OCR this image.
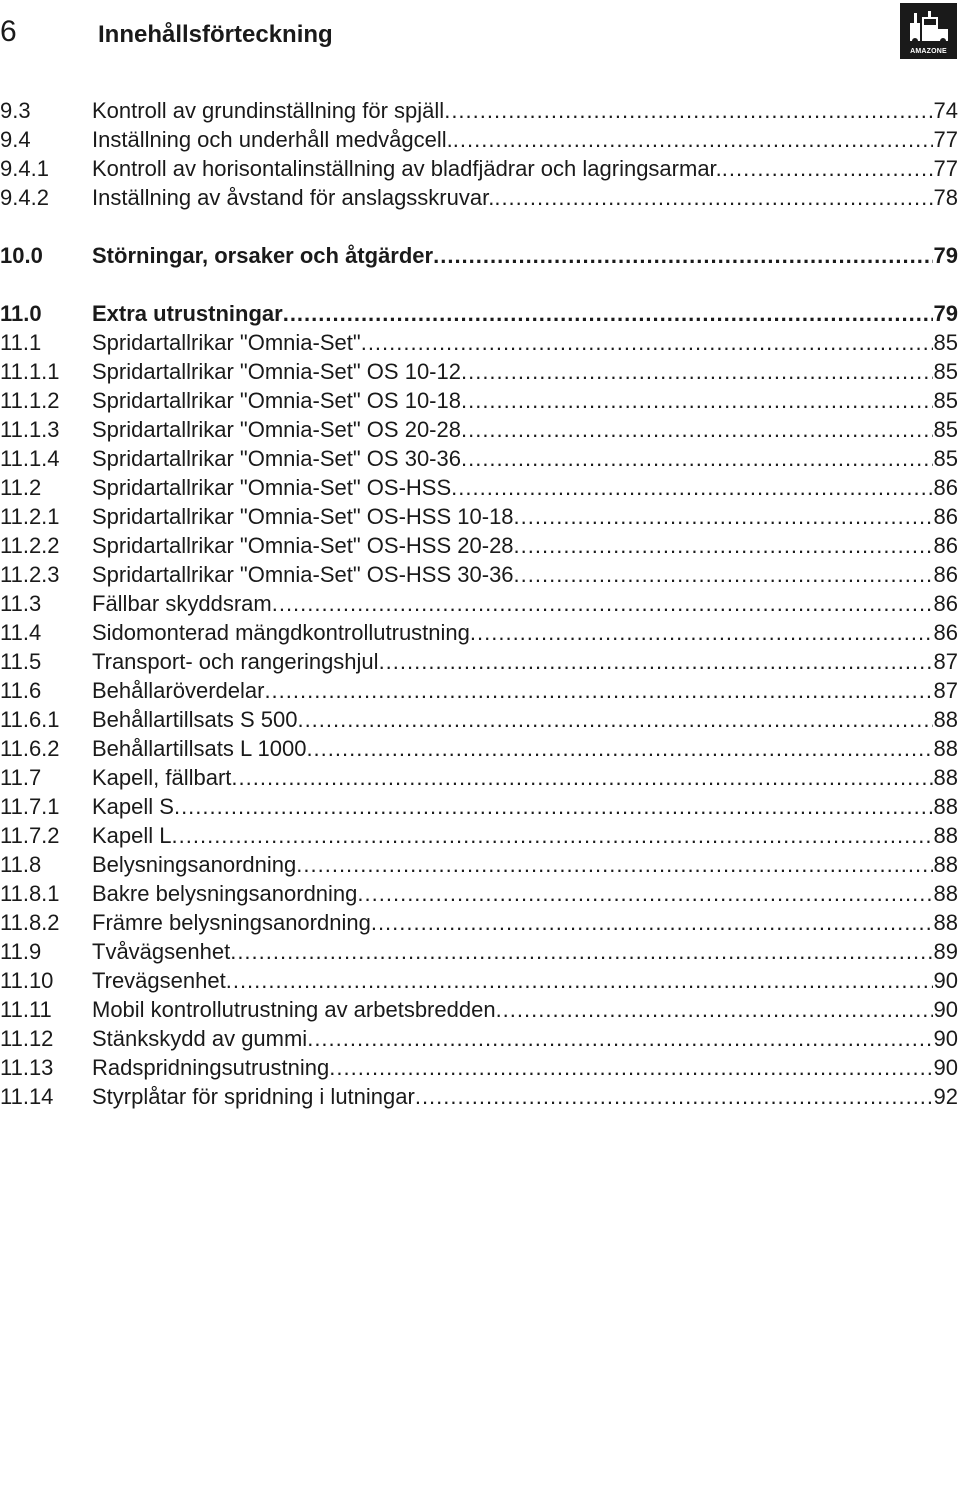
6	Innehållsförteckning
AMAZONE
9.3	Kontroll av grundinställning för spjäll .....	74
9.4	Inställning och underhåll medvågcell. .....	77
9.4.1 Kontroll av horisontalinställning av bladfjädrar och lagringsarmar. .....	77
9.4.2 Inställning av åvstand för anslagsskruvar. .....	78
10.0 Störningar, orsaker och åtgärder .....	79
11.0 Extra utrustningar .....	79
11.1 Spridartallrikar "Omnia-Set" .....	85
11.1.1 Spridartallrikar "Omnia-Set" OS 10-12 .....	85
11.1.2 Spridartallrikar "Omnia-Set" OS 10-18 .....	85
11.1.3 Spridartallrikar "Omnia-Set" OS 20-28 .....	85
11.1.4 Spridartallrikar "Omnia-Set" OS 30-36 .....	85
11.2 Spridartallrikar "Omnia-Set" OS-HSS .....	86
11.2.1 Spridartallrikar "Omnia-Set" OS-HSS 10-18 .....	86
11.2.2 Spridartallrikar "Omnia-Set" OS-HSS 20-28 .....	86
11.2.3 Spridartallrikar "Omnia-Set" OS-HSS 30-36 .....	86
11.3 Fällbar skyddsram .....	86
11.4 Sidomonterad mängdkontrollutrustning .....	86
11.5 Transport- och rangeringshjul .....	87
11.6 Behållaröverdelar .....	87
11.6.1 Behållartillsats S 500 .....	88
11.6.2 Behållartillsats L 1000 .....	88
11.7 Kapell, fällbart .....	88
11.7.1 Kapell S .....	88
11.7.2 Kapell L .....	88
11.8 Belysningsanordning .....	88
11.8.1 Bakre belysningsanordning .....	88
11.8.2 Främre belysningsanordning .....	88
11.9 Tvåvägsenhet .....	89
11.10 Trevägsenhet .....	90
11.11 Mobil kontrollutrustning av arbetsbredden .....	90
11.12 Stänkskydd av gummi .....	90
11.13 Radspridningsutrustning .....	90
11.14 Styrplåtar för spridning i lutningar .....	92
